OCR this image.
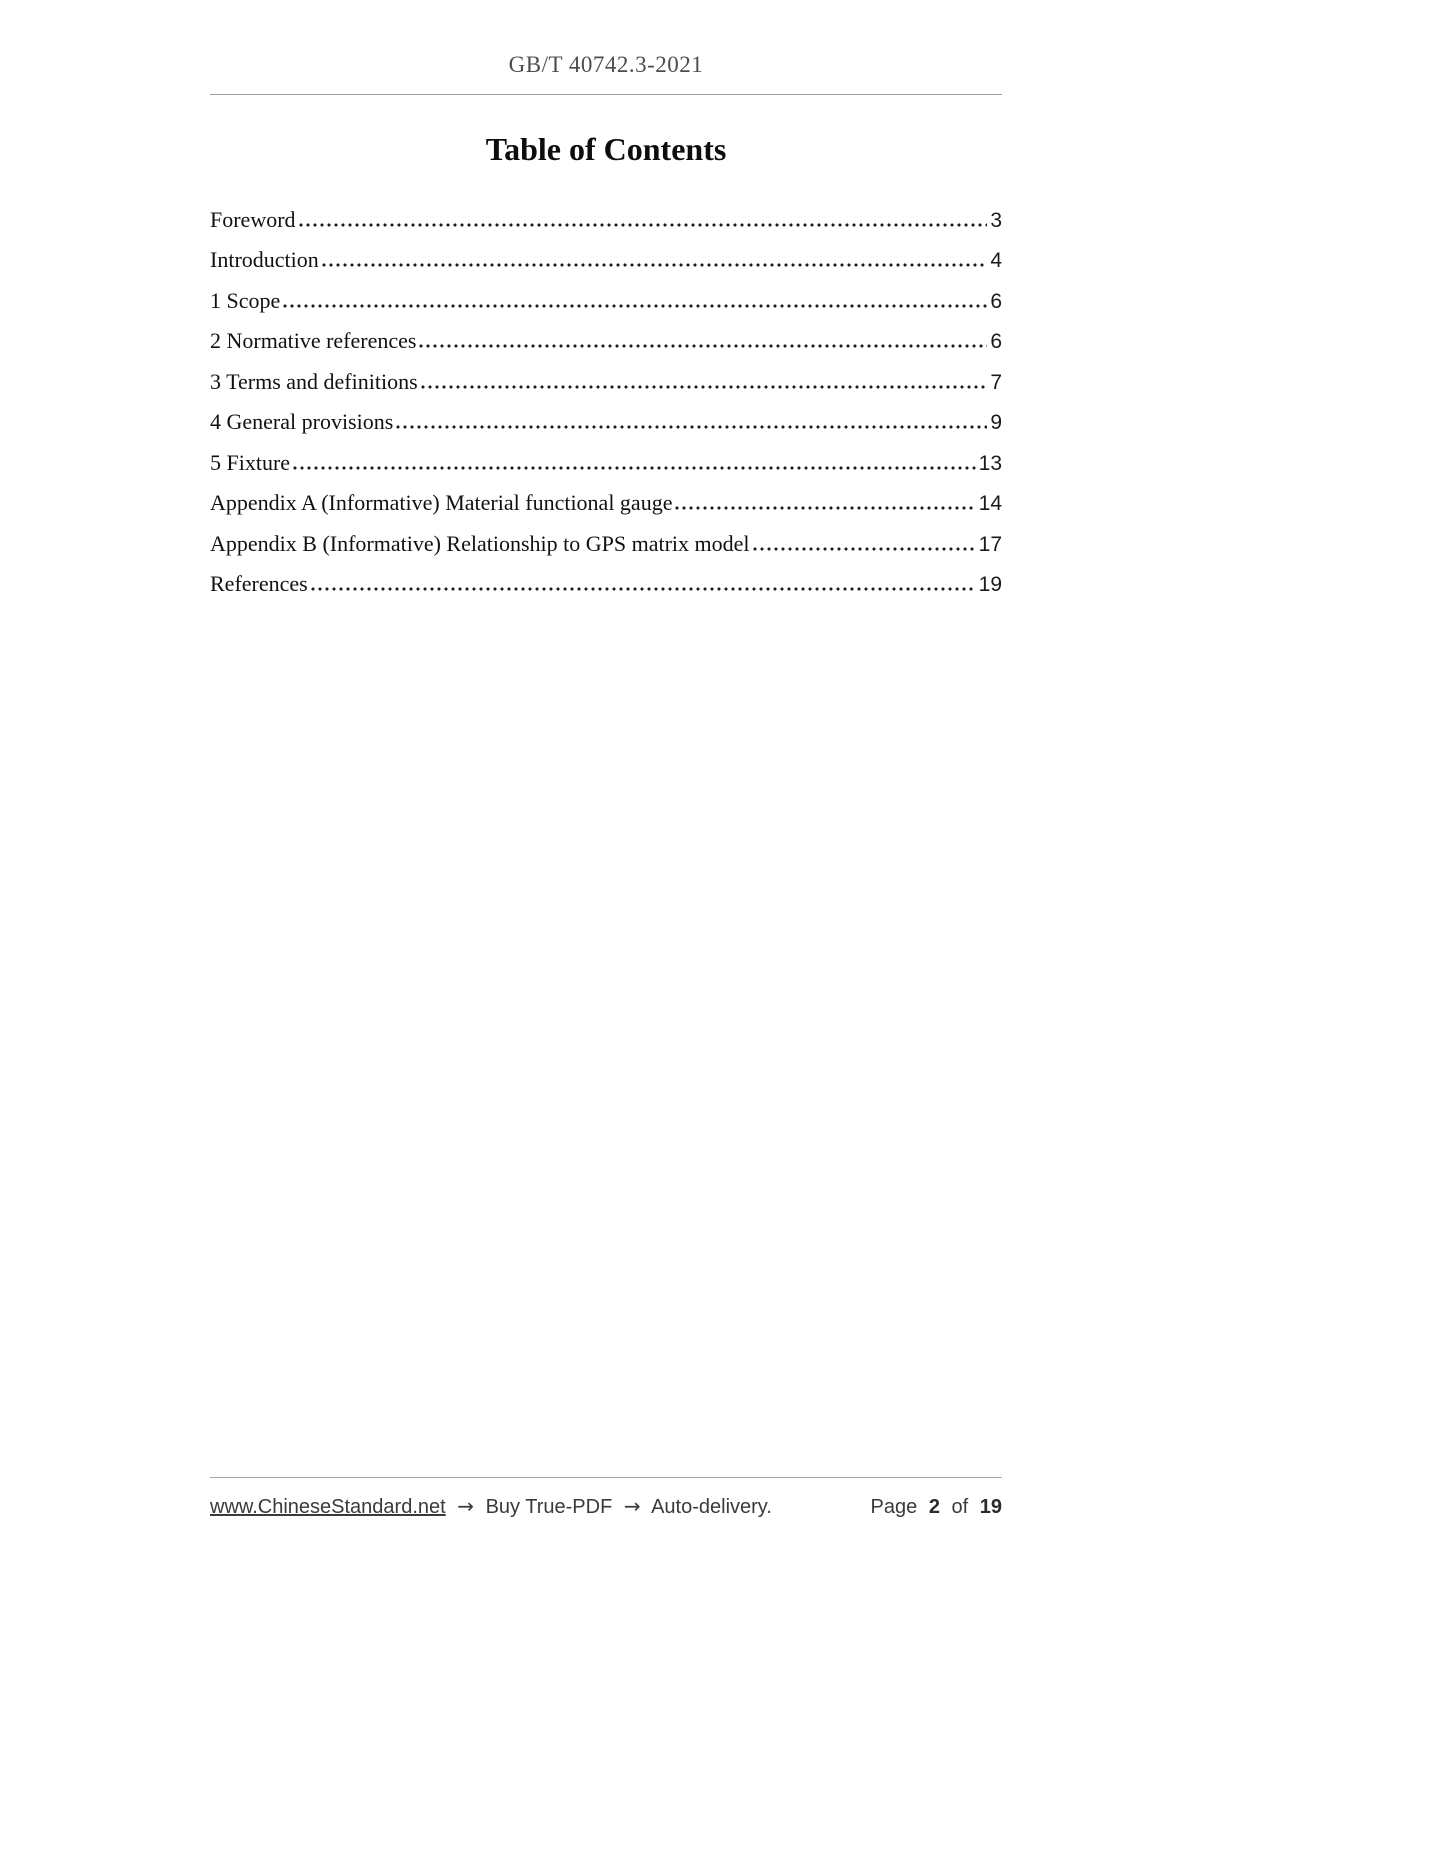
GB/T 40742.3-2021
Table of Contents
Foreword	3
Introduction	4
1 Scope	6
2 Normative references	6
3 Terms and definitions	7
4 General provisions	9
5 Fixture	13
Appendix A (Informative) Material functional gauge	14
Appendix B (Informative) Relationship to GPS matrix model	17
References	19
www.ChineseStandard.net → Buy True-PDF → Auto-delivery.	Page 2 of 19
